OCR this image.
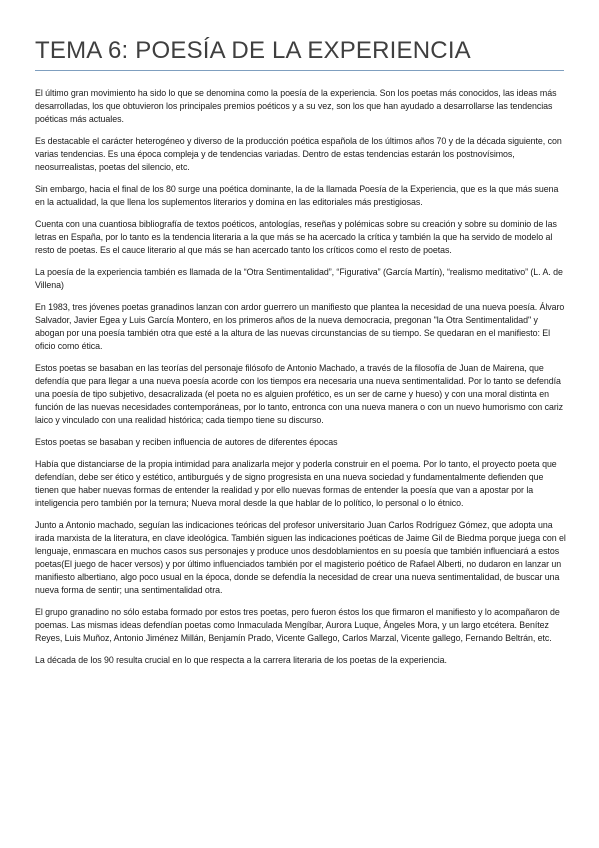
TEMA 6: POESÍA DE LA EXPERIENCIA

El último gran movimiento ha sido lo que se denomina como la poesía de la experiencia. Son los poetas más conocidos, las ideas más desarrolladas, los que obtuvieron los principales premios poéticos y a su vez, son los que han ayudado a desarrollarse las tendencias poéticas más actuales.

Es destacable el carácter heterogéneo y diverso de la producción poética española de los últimos años 70 y de la década siguiente, con varias tendencias. Es una época compleja y de tendencias variadas. Dentro de estas tendencias estarán los postnovísimos, neosurrealistas, poetas del silencio, etc.

Sin embargo, hacia el final de los 80 surge una poética dominante, la de la llamada Poesía de la Experiencia, que es la que más suena en la actualidad, la que llena los suplementos literarios y domina en las editoriales más prestigiosas.

Cuenta con una cuantiosa bibliografía de textos poéticos, antologías, reseñas y polémicas sobre su creación y sobre su dominio de las letras en España, por lo tanto es la tendencia literaria a la que más se ha acercado la crítica y también la que ha servido de modelo al resto de poetas. Es el cauce literario al que más se han acercado tanto los críticos como el resto de poetas.

La poesía de la experiencia también es llamada de la “Otra Sentimentalidad”, “Figurativa” (García Martín), “realismo meditativo” (L. A. de Villena)

En 1983, tres jóvenes poetas granadinos lanzan con ardor guerrero un manifiesto que plantea la necesidad de una nueva poesía. Álvaro Salvador, Javier Egea y Luis García Montero, en los primeros años de la nueva democracia, pregonan "la Otra Sentimentalidad" y abogan por una poesía también otra que esté a la altura de las nuevas circunstancias de su tiempo. Se quedaran en el manifiesto: El oficio como ética.

Estos poetas se basaban en las teorías del personaje filósofo de Antonio Machado, a través de la filosofía de Juan de Mairena, que defendía que para llegar a una nueva poesía acorde con los tiempos era necesaria una nueva sentimentalidad. Por lo tanto se defendía una poesía de tipo subjetivo, desacralizada (el poeta no es alguien profético, es un ser de carne y hueso) y con una moral distinta en función de las nuevas necesidades contemporáneas, por lo tanto, entronca con una nueva manera o con un nuevo humorismo con cariz laico y vinculado con una realidad histórica; cada tiempo tiene su discurso.

Estos poetas se basaban y reciben influencia de autores de diferentes épocas

Había que distanciarse de la propia intimidad para analizarla mejor y poderla construir en el poema. Por lo tanto, el proyecto poeta que defendían, debe ser ético y estético, antiburgués y de signo progresista en una nueva sociedad y fundamentalmente defienden que tienen que haber nuevas formas de entender la realidad y por ello nuevas formas de entender la poesía que van a apostar por la inteligencia pero también por la ternura; Nueva moral desde la que hablar de lo político, lo personal o lo étnico.

Junto a Antonio machado, seguían las indicaciones teóricas del profesor universitario Juan Carlos Rodríguez Gómez, que adopta una irada marxista de la literatura, en clave ideológica. También siguen las indicaciones poéticas de Jaime Gil de Biedma porque juega con el lenguaje, enmascara en muchos casos sus personajes y produce unos desdoblamientos en su poesía que también influenciará a estos poetas(El juego de hacer versos) y por último influenciados también por el magisterio poético de Rafael Alberti, no dudaron en lanzar un manifiesto albertiano, algo poco usual en la época, donde se defendía la necesidad de crear una nueva sentimentalidad, de buscar una nueva forma de sentir; una sentimentalidad otra.

El grupo granadino no sólo estaba formado por estos tres poetas, pero fueron éstos los que firmaron el manifiesto y lo acompañaron de poemas. Las mismas ideas defendían poetas como Inmaculada Mengíbar, Aurora Luque, Ángeles Mora, y un largo etcétera. Benítez Reyes, Luis Muñoz, Antonio Jiménez Millán, Benjamín Prado, Vicente Gallego, Carlos Marzal, Vicente gallego, Fernando Beltrán, etc.

La década de los 90 resulta crucial en lo que respecta a la carrera literaria de los poetas de la experiencia.
